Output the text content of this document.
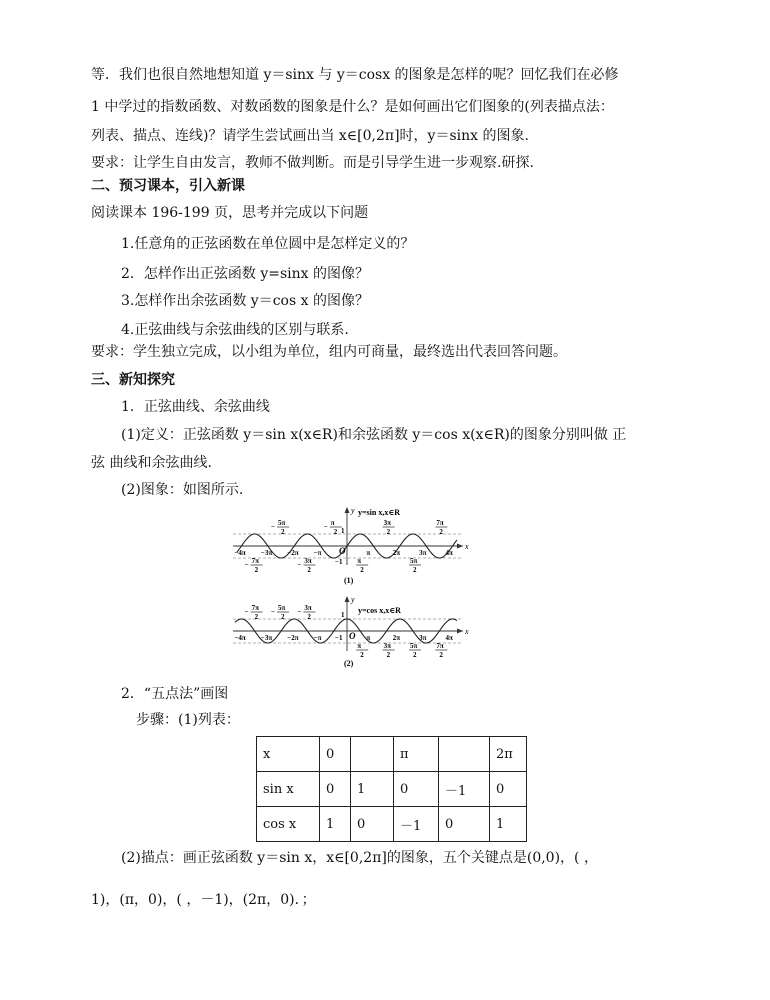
等．我们也很自然地想知道 y＝sinx 与 y＝cosx 的图象是怎样的呢？回忆我们在必修
1 中学过的指数函数、对数函数的图象是什么？是如何画出它们图象的(列表描点法：
列表、描点、连线)？请学生尝试画出当 x∈[0,2π]时，y＝sinx 的图象.
要求：让学生自由发言，教师不做判断。而是引导学生进一步观察.研探.
二、预习课本，引入新课
阅读课本 196-199 页，思考并完成以下问题
1.任意角的正弦函数在单位圆中是怎样定义的？
2．怎样作出正弦函数 y=sinx 的图像？
3.怎样作出余弦函数 y＝cos x 的图像？
4.正弦曲线与余弦曲线的区别与联系.
要求：学生独立完成，以小组为单位，组内可商量，最终选出代表回答问题。
三、新知探究
1．正弦曲线、余弦曲线
(1)定义：正弦函数 y＝sin x(x∈R)和余弦函数 y＝cos x(x∈R)的图象分别叫做 正
弦 曲线和余弦曲线.
(2)图象：如图所示.
−4π −3π −2π −π	π	2π	3π	4π
− 5π
2
− π
2
3π
2
7π
2
− 7π
2
− 3π
2
π
2
5π
2
y
x
y=sin x,x∈R
O
1
−1
(1)
−4π −3π −2π −π	π	2π	3π	4π
− 7π
2
− 5π
2
− 3π
2
π
2
3π
2
5π
2
7π
2
y
x
y=cos x,x∈R
O
1
−1
(2)
2．“五点法”画图
步骤：(1)列表：
x	0		π		2π
sin x	0	1	0	－1	0
cos x	1	0	－1	0	1
(2)描点：画正弦函数 y＝sin x，x∈[0,2π]的图象，五个关键点是(0,0)，( ，
1)，(π，0)，( ，－1)，(2π，0)．；
